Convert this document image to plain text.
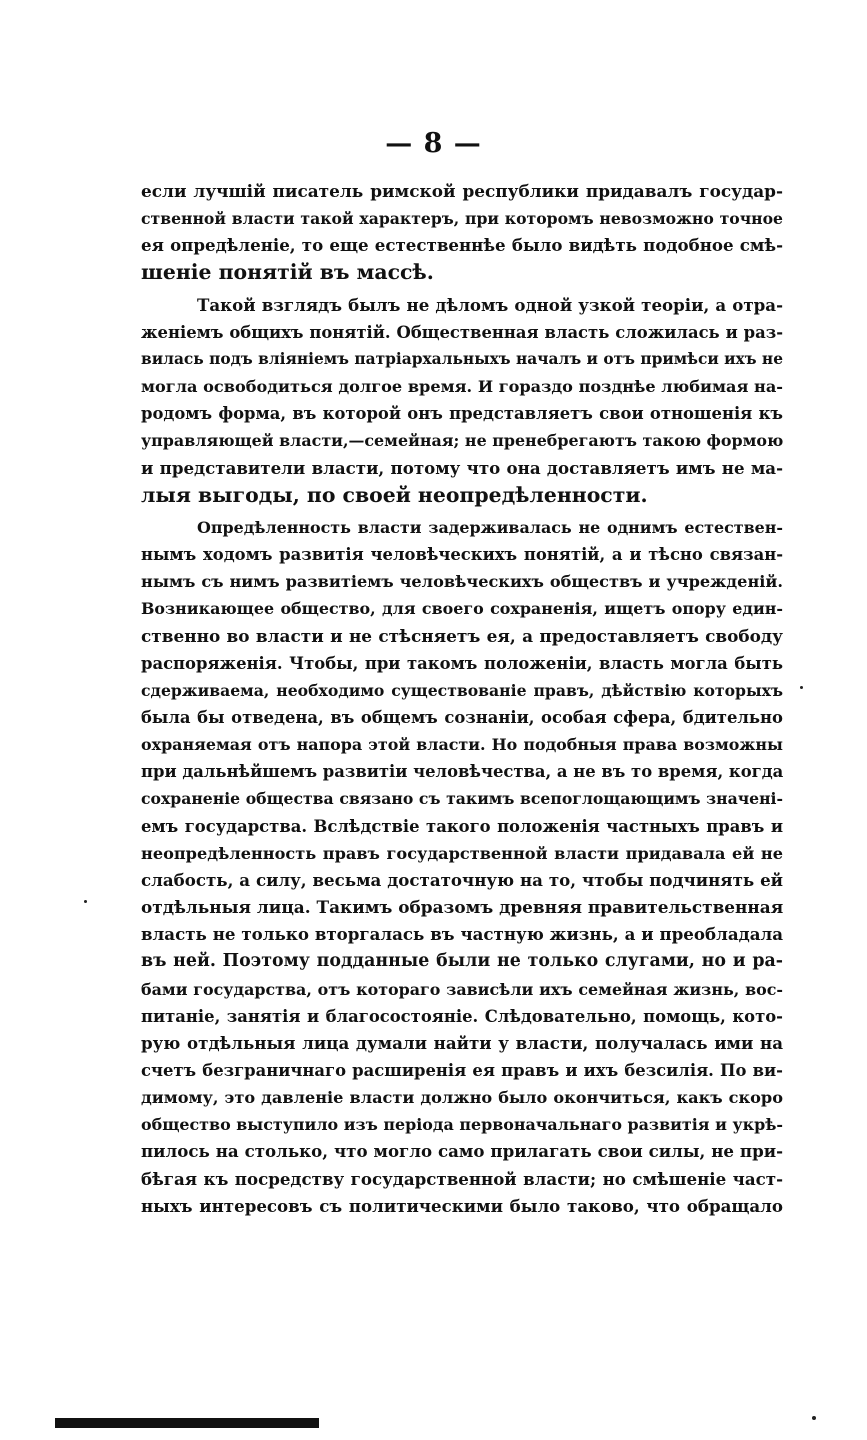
— 8 —
если лучшій писатель римской республики придавалъ государ-
ственной власти такой характеръ, при которомъ невозможно точное
ея опредѣленіе, то еще естественнѣе было видѣть подобное смѣ-
шеніе понятій въ массѣ.
Такой взглядъ былъ не дѣломъ одной узкой теоріи, а отра-
женіемъ общихъ понятій. Общественная власть сложилась и раз-
вилась подъ вліяніемъ патріархальныхъ началъ и отъ примѣси ихъ не
могла освободиться долгое время. И гораздо позднѣе любимая на-
родомъ форма, въ которой онъ представляетъ свои отношенія къ
управляющей власти,—семейная; не пренебрегаютъ такою формою
и представители власти, потому что она доставляетъ имъ не ма-
лыя выгоды, по своей неопредѣленности.
Опредѣленность власти задерживалась не однимъ естествен-
нымъ ходомъ развитія человѣческихъ понятій, а и тѣсно связан-
нымъ съ нимъ развитіемъ человѣческихъ обществъ и учрежденій.
Возникающее общество, для своего сохраненія, ищетъ опору един-
ственно во власти и не стѣсняетъ ея, а предоставляетъ свободу
распоряженія. Чтобы, при такомъ положеніи, власть могла быть
сдерживаема, необходимо существованіе правъ, дѣйствію которыхъ
была бы отведена, въ общемъ сознаніи, особая сфера, бдительно
охраняемая отъ напора этой власти. Но подобныя права возможны
при дальнѣйшемъ развитіи человѣчества, а не въ то время, когда
сохраненіе общества связано съ такимъ всепоглощающимъ значені-
емъ государства. Вслѣдствіе такого положенія частныхъ правъ и
неопредѣленность правъ государственной власти придавала ей не
слабость, а силу, весьма достаточную на то, чтобы подчинять ей
отдѣльныя лица. Такимъ образомъ древняя правительственная
власть не только вторгалась въ частную жизнь, а и преобладала
въ ней. Поэтому подданные были не только слугами, но и ра-
бами государства, отъ котораго зависѣли ихъ семейная жизнь, вос-
питаніе, занятія и благосостояніе. Слѣдовательно, помощь, кото-
рую отдѣльныя лица думали найти у власти, получалась ими на
счетъ безграничнаго расширенія ея правъ и ихъ безсилія. По ви-
димому, это давленіе власти должно было окончиться, какъ скоро
общество выступило изъ періода первоначальнаго развитія и укрѣ-
пилось на столько, что могло само прилагать свои силы, не при-
бѣгая къ посредству государственной власти; но смѣшеніе част-
ныхъ интересовъ съ политическими было таково, что обращало
